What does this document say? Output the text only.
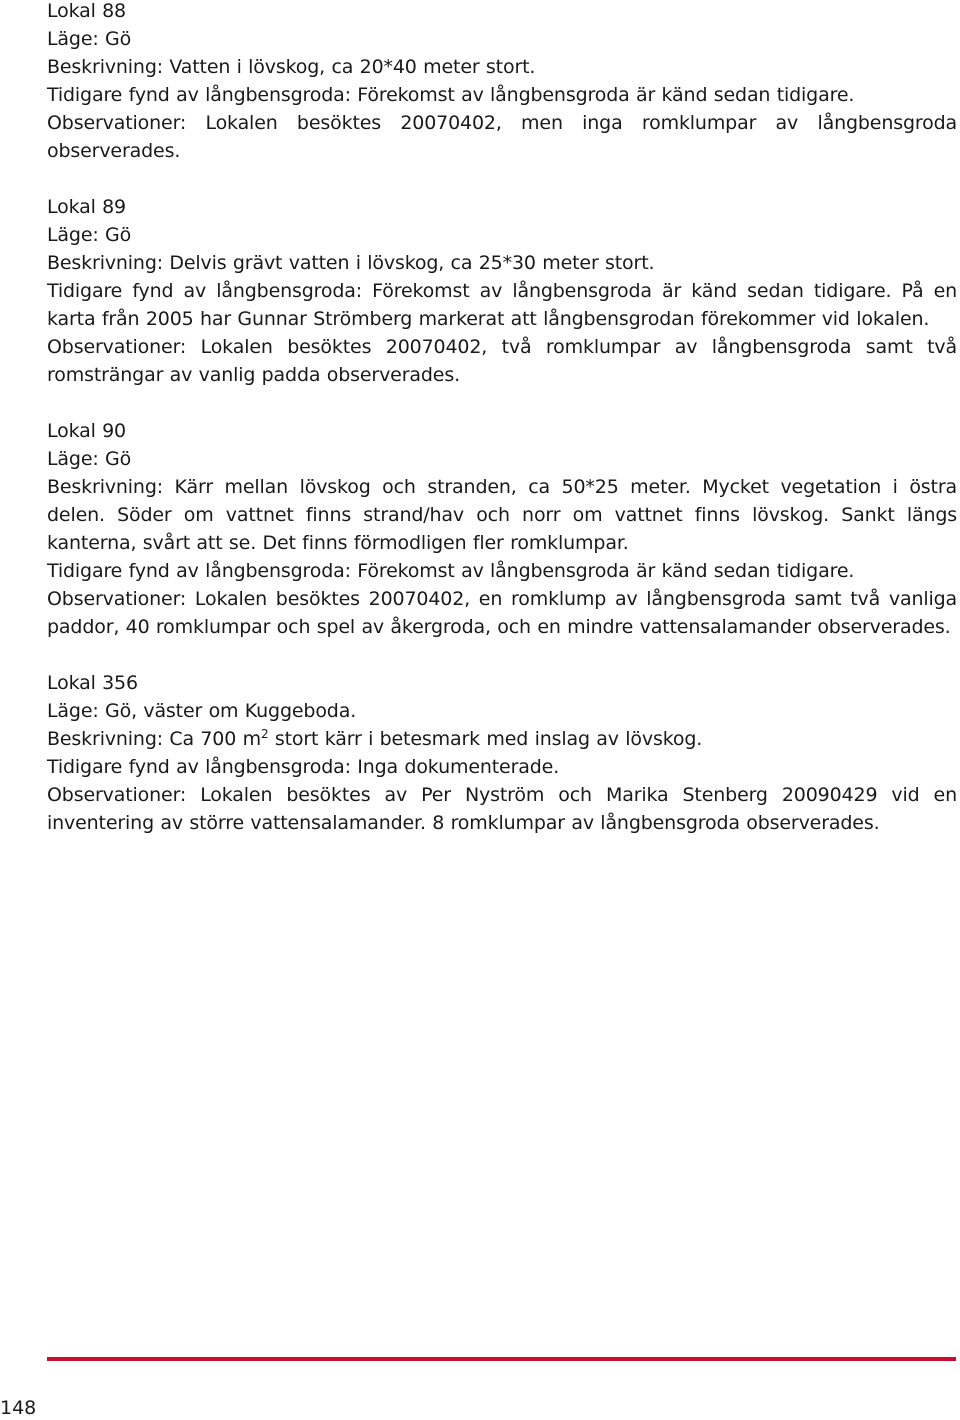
Lokal 88
Läge: Gö
Beskrivning: Vatten i lövskog, ca 20*40 meter stort.
Tidigare fynd av långbensgroda: Förekomst av långbensgroda är känd sedan tidigare.
Observationer: Lokalen besöktes 20070402, men inga romklumpar av långbensgroda observerades.
Lokal 89
Läge: Gö
Beskrivning: Delvis grävt vatten i lövskog, ca 25*30 meter stort.
Tidigare fynd av långbensgroda: Förekomst av långbensgroda är känd sedan tidigare. På en karta från 2005 har Gunnar Strömberg markerat att långbensgrodan förekommer vid lokalen.
Observationer: Lokalen besöktes 20070402, två romklumpar av långbensgroda samt två romsträngar av vanlig padda observerades.
Lokal 90
Läge: Gö
Beskrivning: Kärr mellan lövskog och stranden, ca 50*25 meter. Mycket vegetation i östra delen. Söder om vattnet finns strand/hav och norr om vattnet finns lövskog. Sankt längs kanterna, svårt att se. Det finns förmodligen fler romklumpar.
Tidigare fynd av långbensgroda: Förekomst av långbensgroda är känd sedan tidigare.
Observationer: Lokalen besöktes 20070402, en romklump av långbensgroda samt två vanliga paddor, 40 romklumpar och spel av åkergroda, och en mindre vattensalamander observerades.
Lokal 356
Läge: Gö, väster om Kuggeboda.
Beskrivning: Ca 700 $m^2$ stort kärr i betesmark med inslag av lövskog.
Tidigare fynd av långbensgroda: Inga dokumenterade.
Observationer: Lokalen besöktes av Per Nyström och Marika Stenberg 20090429 vid en inventering av större vattensalamander. 8 romklumpar av långbensgroda observerades.
148
